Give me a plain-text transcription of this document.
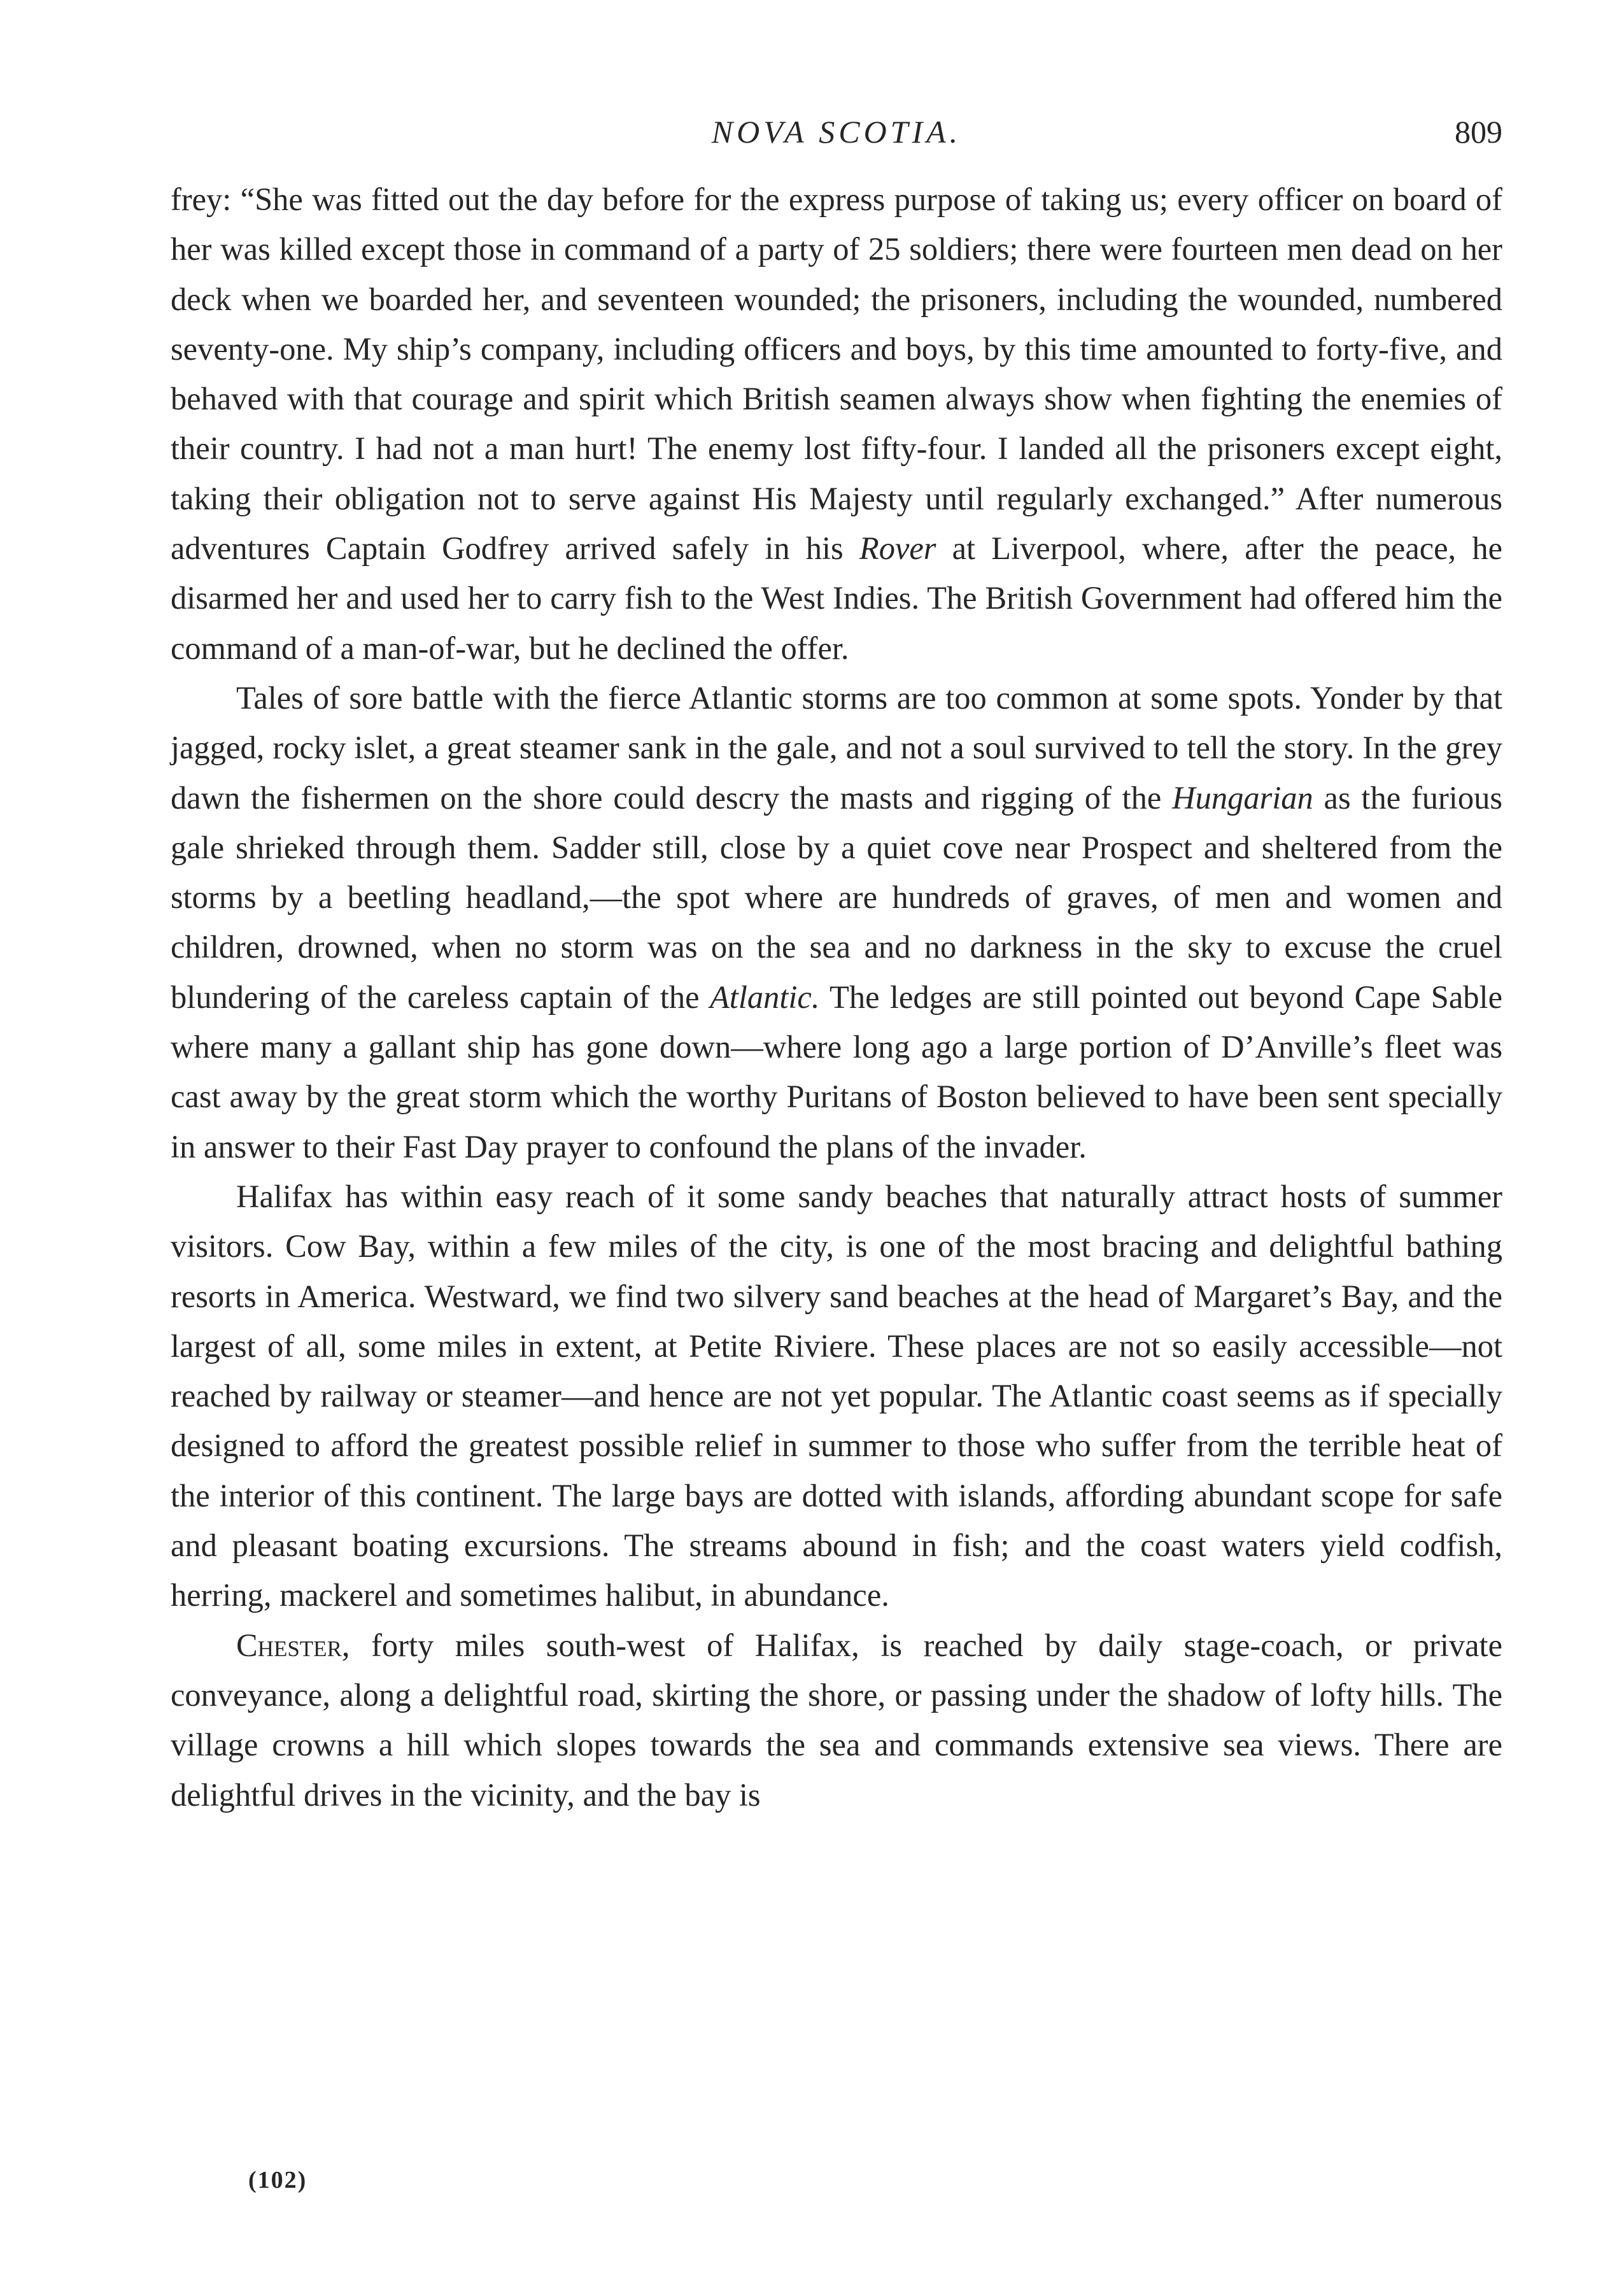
NOVA SCOTIA.	809

frey: “She was fitted out the day before for the express purpose of taking us; every officer on board of her was killed except those in command of a party of 25 soldiers; there were fourteen men dead on her deck when we boarded her, and seventeen wounded; the prisoners, including the wounded, numbered seventy-one. My ship’s company, including officers and boys, by this time amounted to forty-five, and behaved with that courage and spirit which British seamen always show when fighting the enemies of their country. I had not a man hurt! The enemy lost fifty-four. I landed all the prisoners except eight, taking their obligation not to serve against His Majesty until regularly exchanged.” After numerous adventures Captain Godfrey arrived safely in his Rover at Liverpool, where, after the peace, he disarmed her and used her to carry fish to the West Indies. The British Government had offered him the command of a man-of-war, but he declined the offer.

Tales of sore battle with the fierce Atlantic storms are too common at some spots. Yonder by that jagged, rocky islet, a great steamer sank in the gale, and not a soul survived to tell the story. In the grey dawn the fishermen on the shore could descry the masts and rigging of the Hungarian as the furious gale shrieked through them. Sadder still, close by a quiet cove near Prospect and sheltered from the storms by a beetling headland,—the spot where are hundreds of graves, of men and women and children, drowned, when no storm was on the sea and no darkness in the sky to excuse the cruel blundering of the careless captain of the Atlantic. The ledges are still pointed out beyond Cape Sable where many a gallant ship has gone down—where long ago a large portion of D’Anville’s fleet was cast away by the great storm which the worthy Puritans of Boston believed to have been sent specially in answer to their Fast Day prayer to confound the plans of the invader.

Halifax has within easy reach of it some sandy beaches that naturally attract hosts of summer visitors. Cow Bay, within a few miles of the city, is one of the most bracing and delightful bathing resorts in America. Westward, we find two silvery sand beaches at the head of Margaret’s Bay, and the largest of all, some miles in extent, at Petite Riviere. These places are not so easily accessible—not reached by railway or steamer—and hence are not yet popular. The Atlantic coast seems as if specially designed to afford the greatest possible relief in summer to those who suffer from the terrible heat of the interior of this continent. The large bays are dotted with islands, affording abundant scope for safe and pleasant boating excursions. The streams abound in fish; and the coast waters yield codfish, herring, mackerel and sometimes halibut, in abundance.

Chester, forty miles south-west of Halifax, is reached by daily stage-coach, or private conveyance, along a delightful road, skirting the shore, or passing under the shadow of lofty hills. The village crowns a hill which slopes towards the sea and commands extensive sea views. There are delightful drives in the vicinity, and the bay is

(102)
